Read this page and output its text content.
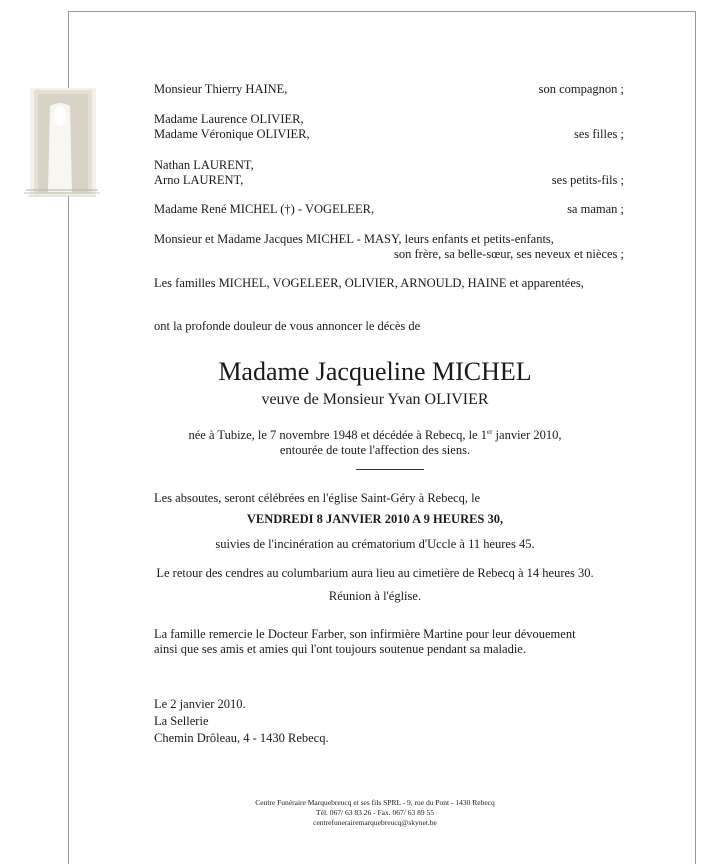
Monsieur Thierry HAINE,	son compagnon ;
Madame Laurence OLIVIER,
Madame Véronique OLIVIER,	ses filles ;
Nathan LAURENT,
Arno LAURENT,	ses petits-fils ;
Madame René MICHEL (†) - VOGELEER,	sa maman ;
Monsieur et Madame Jacques MICHEL - MASY, leurs enfants et petits-enfants,
son frère, sa belle-sœur, ses neveux et nièces ;
Les familles MICHEL, VOGELEER, OLIVIER, ARNOULD, HAINE et apparentées,
ont la profonde douleur de vous annoncer le décès de
Madame Jacqueline MICHEL
veuve de Monsieur Yvan OLIVIER
née à Tubize, le 7 novembre 1948 et décédée à Rebecq, le 1er janvier 2010,
entourée de toute l'affection des siens.
Les absoutes, seront célébrées en l'église Saint-Géry à Rebecq, le
VENDREDI 8 JANVIER 2010 A 9 HEURES 30,
suivies de l'incinération au crématorium d'Uccle à 11 heures 45.
Le retour des cendres au columbarium aura lieu au cimetière de Rebecq à 14 heures 30.
Réunion à l'église.
La famille remercie le Docteur Farber, son infirmière Martine pour leur dévouement
ainsi que ses amis et amies qui l'ont toujours soutenue pendant sa maladie.
Le 2 janvier 2010.
La Sellerie
Chemin Drôleau, 4 - 1430 Rebecq.
Centre Funéraire Marquebreucq et ses fils SPRL - 9, rue du Pont - 1430 Rebecq
Tél. 067/ 63 83 26 - Fax. 067/ 63 89 55
centrefunerairemarquebreucq@skynet.be
